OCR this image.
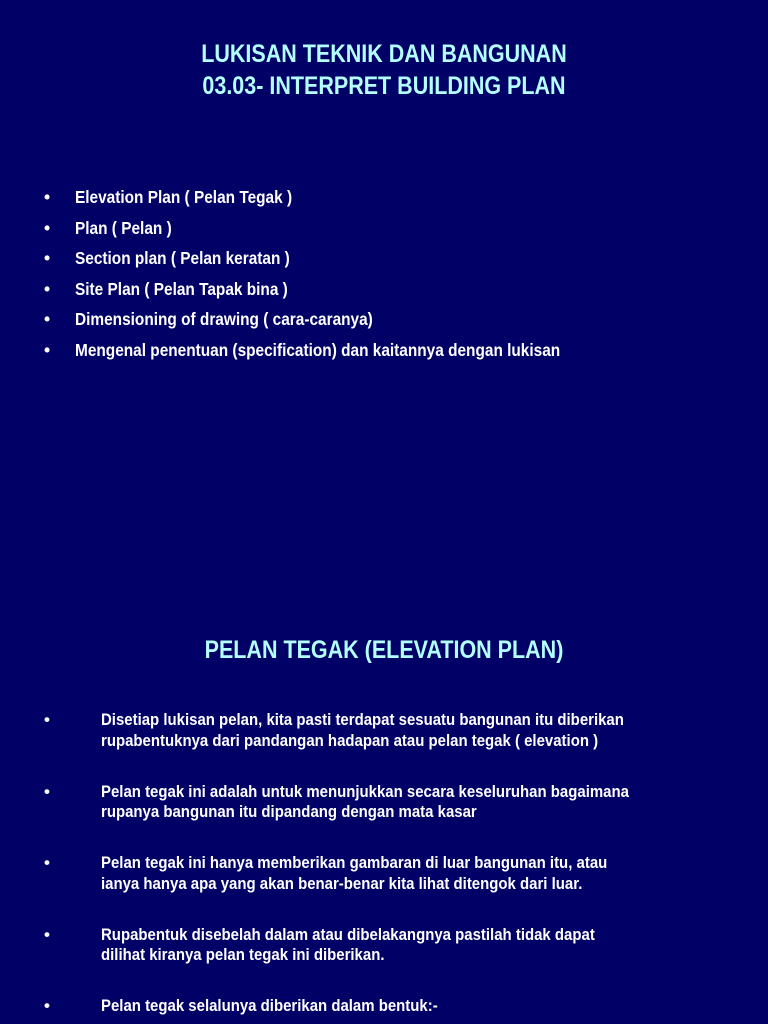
LUKISAN TEKNIK DAN BANGUNAN
03.03- INTERPRET BUILDING PLAN
•	Elevation Plan ( Pelan Tegak )
•	Plan ( Pelan )
•	Section plan ( Pelan keratan )
•	Site Plan ( Pelan Tapak bina )
•	Dimensioning of drawing ( cara-caranya)
•	Mengenal penentuan (specification) dan kaitannya dengan lukisan
PELAN TEGAK (ELEVATION PLAN)
•	Disetiap lukisan pelan, kita pasti terdapat sesuatu bangunan itu diberikan
rupabentuknya dari pandangan hadapan atau pelan tegak ( elevation )
•	Pelan tegak ini adalah untuk menunjukkan secara keseluruhan bagaimana
rupanya bangunan itu dipandang dengan mata kasar
•	Pelan tegak ini hanya memberikan gambaran di luar bangunan itu, atau
ianya hanya apa yang akan benar-benar kita lihat ditengok dari luar.
•	Rupabentuk disebelah dalam atau dibelakangnya pastilah tidak dapat
dilihat kiranya pelan tegak ini diberikan.
•	Pelan tegak selalunya diberikan dalam bentuk:-
